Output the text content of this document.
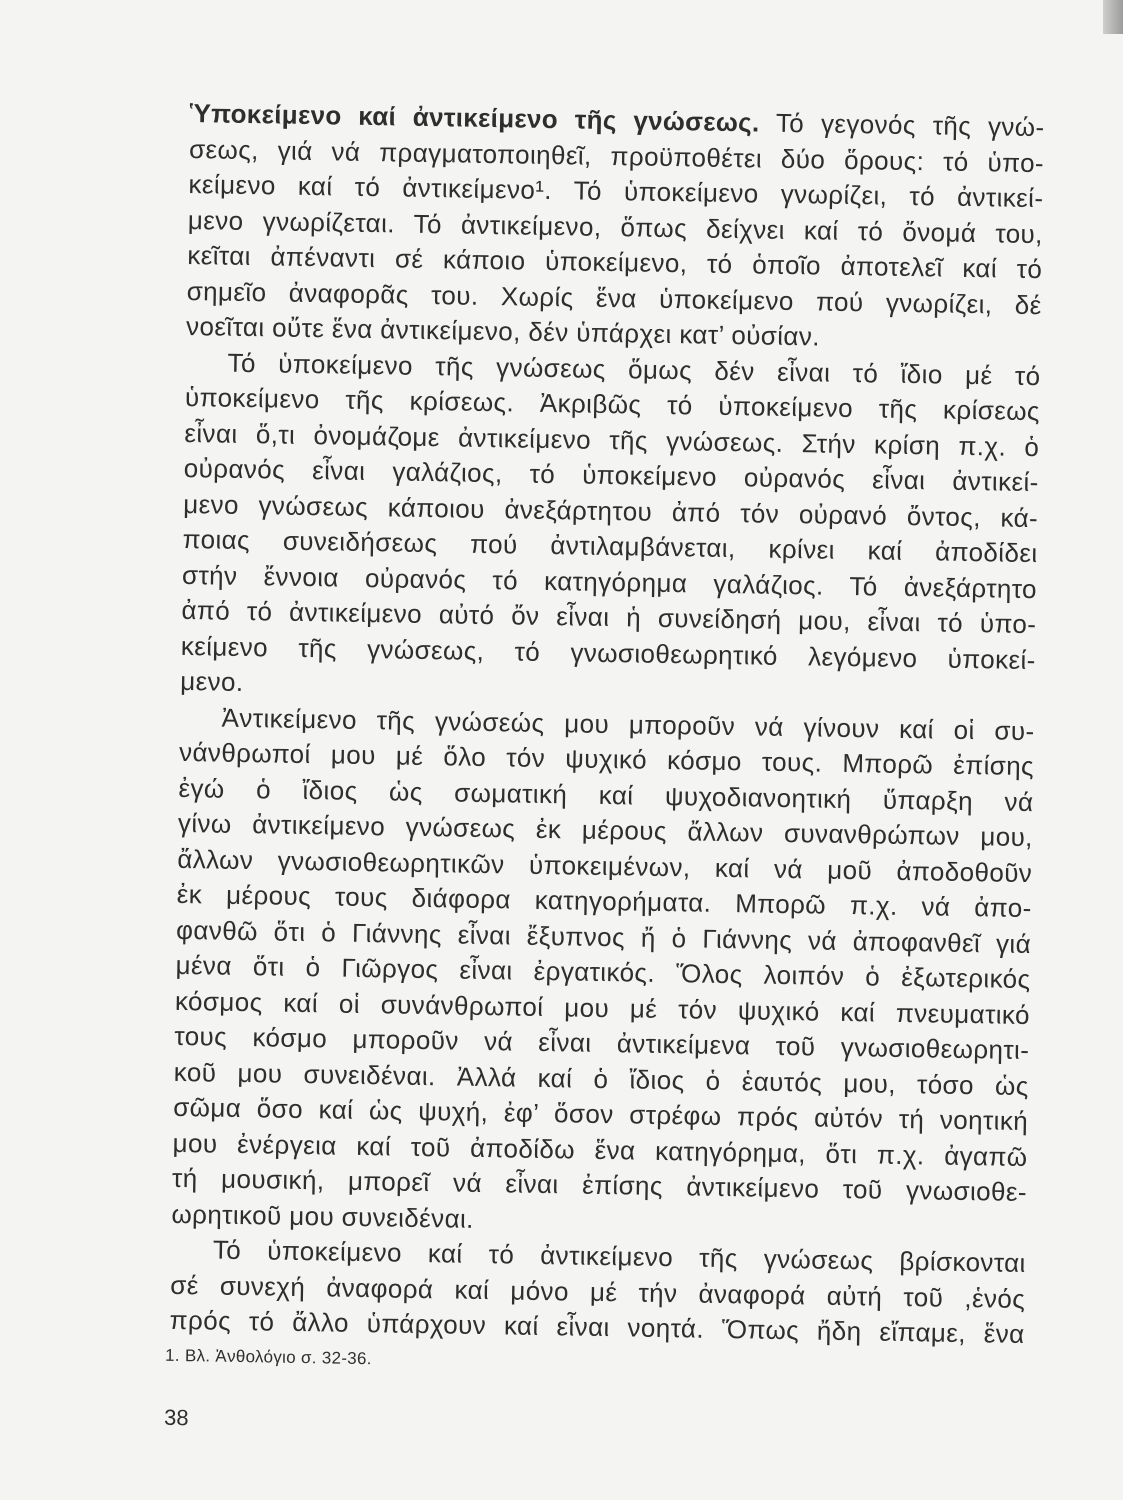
Ὑποκείμενο καί ἀντικείμενο τῆς γνώσεως. Τό γεγονός τῆς γνώ-
σεως, γιά νά πραγματοποιηθεῖ, προϋποθέτει δύο ὅρους: τό ὑπο-
κείμενο καί τό ἀντικείμενο¹. Τό ὑποκείμενο γνωρίζει, τό ἀντικεί-
μενο γνωρίζεται. Τό ἀντικείμενο, ὅπως δείχνει καί τό ὄνομά του,
κεῖται ἀπέναντι σέ κάποιο ὑποκείμενο, τό ὁποῖο ἀποτελεῖ καί τό
σημεῖο ἀναφορᾶς του. Χωρίς ἕνα ὑποκείμενο πού γνωρίζει, δέ
νοεῖται οὔτε ἕνα ἀντικείμενο, δέν ὑπάρχει κατ’ οὐσίαν.
Τό ὑποκείμενο τῆς γνώσεως ὅμως δέν εἶναι τό ἴδιο μέ τό
ὑποκείμενο τῆς κρίσεως. Ἀκριβῶς τό ὑποκείμενο τῆς κρίσεως
εἶναι ὅ,τι ὀνομάζομε ἀντικείμενο τῆς γνώσεως. Στήν κρίση π.χ. ὁ
οὐρανός εἶναι γαλάζιος, τό ὑποκείμενο οὐρανός εἶναι ἀντικεί-
μενο γνώσεως κάποιου ἀνεξάρτητου ἀπό τόν οὐρανό ὄντος, κά-
ποιας συνειδήσεως πού ἀντιλαμβάνεται, κρίνει καί ἀποδίδει
στήν ἔννοια οὐρανός τό κατηγόρημα γαλάζιος. Τό ἀνεξάρτητο
ἀπό τό ἀντικείμενο αὐτό ὄν εἶναι ἡ συνείδησή μου, εἶναι τό ὑπο-
κείμενο τῆς γνώσεως, τό γνωσιοθεωρητικό λεγόμενο ὑποκεί-
μενο.
Ἀντικείμενο τῆς γνώσεώς μου μποροῦν νά γίνουν καί οἱ συ-
νάνθρωποί μου μέ ὅλο τόν ψυχικό κόσμο τους. Μπορῶ ἐπίσης
ἐγώ ὁ ἴδιος ὡς σωματική καί ψυχοδιανοητική ὕπαρξη νά
γίνω ἀντικείμενο γνώσεως ἐκ μέρους ἄλλων συνανθρώπων μου,
ἄλλων γνωσιοθεωρητικῶν ὑποκειμένων, καί νά μοῦ ἀποδοθοῦν
ἐκ μέρους τους διάφορα κατηγορήματα. Μπορῶ π.χ. νά ἀπο-
φανθῶ ὅτι ὁ Γιάννης εἶναι ἔξυπνος ἤ ὁ Γιάννης νά ἀποφανθεῖ γιά
μένα ὅτι ὁ Γιῶργος εἶναι ἐργατικός. Ὅλος λοιπόν ὁ ἐξωτερικός
κόσμος καί οἱ συνάνθρωποί μου μέ τόν ψυχικό καί πνευματικό
τους κόσμο μποροῦν νά εἶναι ἀντικείμενα τοῦ γνωσιοθεωρητι-
κοῦ μου συνειδέναι. Ἀλλά καί ὁ ἴδιος ὁ ἑαυτός μου, τόσο ὡς
σῶμα ὅσο καί ὡς ψυχή, ἐφ’ ὅσον στρέφω πρός αὐτόν τή νοητική
μου ἐνέργεια καί τοῦ ἀποδίδω ἕνα κατηγόρημα, ὅτι π.χ. ἀγαπῶ
τή μουσική, μπορεῖ νά εἶναι ἐπίσης ἀντικείμενο τοῦ γνωσιοθε-
ωρητικοῦ μου συνειδέναι.
Τό ὑποκείμενο καί τό ἀντικείμενο τῆς γνώσεως βρίσκονται
σέ συνεχή ἀναφορά καί μόνο μέ τήν ἀναφορά αὐτή τοῦ ,ἑνός
πρός τό ἄλλο ὑπάρχουν καί εἶναι νοητά. Ὅπως ἤδη εἴπαμε, ἕνα
1. Βλ. Ἀνθολόγιο σ. 32-36.
38
